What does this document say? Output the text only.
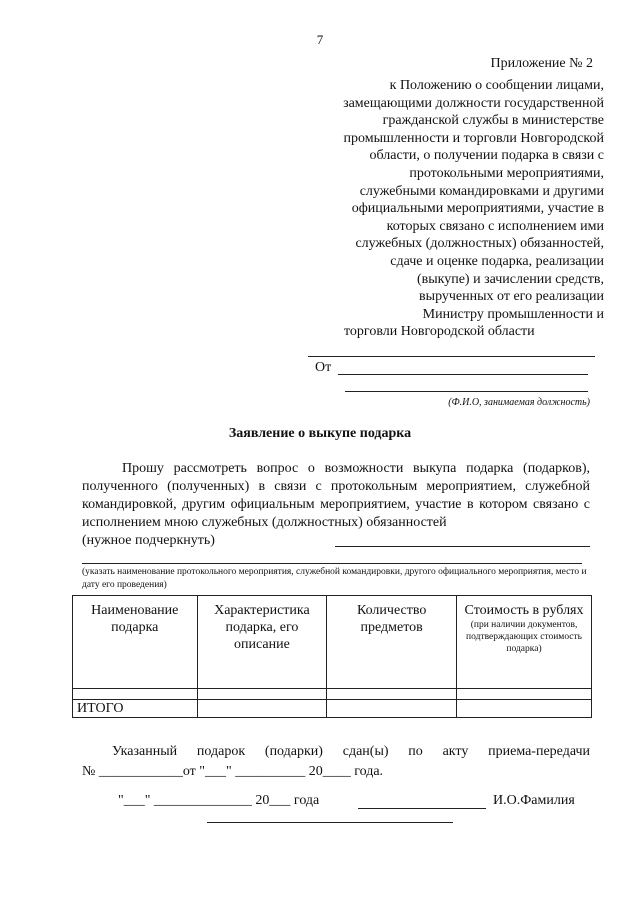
7
Приложение № 2
к Положению о сообщении лицами,
замещающими должности государственной
гражданской службы в министерстве
промышленности и торговли Новгородской
области, о получении подарка в связи с
протокольными мероприятиями,
служебными командировками и другими
официальными мероприятиями, участие в
которых связано с исполнением ими
служебных (должностных) обязанностей,
сдаче и оценке подарка, реализации
(выкупе) и зачислении средств,
вырученных от его реализации
Министру промышленности и
торговли Новгородской области
От
(Ф.И.О, занимаемая должность)
Заявление о выкупе подарка

Прошу рассмотреть вопрос о возможности выкупа подарка (подарков), полученного (полученных) в связи с протокольным мероприятием, служебной командировкой, другим официальным мероприятием, участие в котором связано с исполнением мною служебных (должностных) обязанностей

(нужное подчеркнуть)

(указать наименование протокольного мероприятия, служебной командировки, другого официального мероприятия, место и дату его проведения)
Наименование подарка	Характеристика подарка, его описание	Количество предметов	Стоимость в рублях
(при наличии документов, подтверждающих стоимость подарка)

ИТОГО			
Указанный подарок (подарки) сдан(ы) по акту приема-передачи
№ ____________от "___" __________ 20____ года.
"___" ______________ 20___ года	И.О.Фамилия
